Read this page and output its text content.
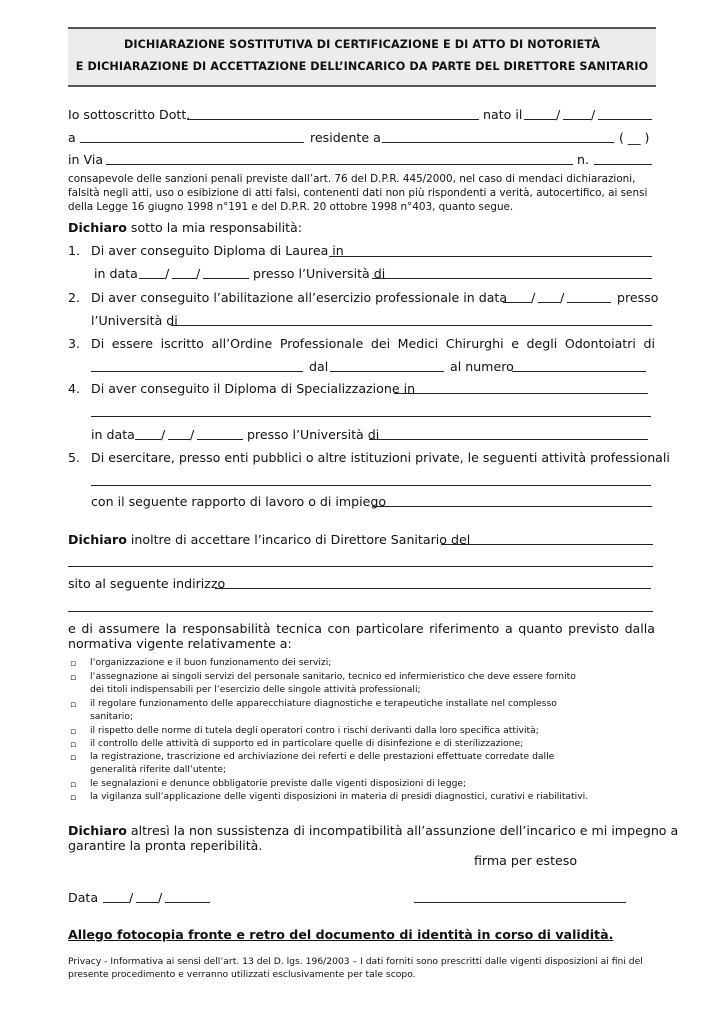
DICHIARAZIONE SOSTITUTIVA DI CERTIFICAZIONE E DI ATTO DI NOTORIETÀ
E DICHIARAZIONE DI ACCETTAZIONE DELL’INCARICO DA PARTE DEL DIRETTORE SANITARIO
Io sottoscritto Dott.	nato il	/ /
a	residente a	( __ )
in Via	n.
consapevole delle sanzioni penali previste dall’art. 76 del D.P.R. 445/2000, nel caso di mendaci dichiarazioni,
falsità negli atti, uso o esibizione di atti falsi, contenenti dati non più rispondenti a verità, autocertifico, ai sensi
della Legge 16 giugno 1998 n°191 e del D.P.R. 20 ottobre 1998 n°403, quanto segue.
Dichiaro sotto la mia responsabilità:
1. Di aver conseguito Diploma di Laurea in
in data / /	presso l’Università di
2. Di aver conseguito l’abilitazione all’esercizio professionale in data / /	presso
l’Università di
3. Di essere iscritto all’Ordine Professionale dei Medici Chirurghi e degli Odontoiatri di
dal	al numero
4. Di aver conseguito il Diploma di Specializzazione in
in data / /	presso l’Università di
5. Di esercitare, presso enti pubblici o altre istituzioni private, le seguenti attività professionali
con il seguente rapporto di lavoro o di impiego
Dichiaro inoltre di accettare l’incarico di Direttore Sanitario del
sito al seguente indirizzo
e di assumere la responsabilità tecnica con particolare riferimento a quanto previsto dalla
normativa vigente relativamente a:
▫ l’organizzazione e il buon funzionamento dei servizi;
▫ l’assegnazione ai singoli servizi del personale sanitario, tecnico ed infermieristico che deve essere fornito
dei titoli indispensabili per l’esercizio delle singole attività professionali;
▫ il regolare funzionamento delle apparecchiature diagnostiche e terapeutiche installate nel complesso
sanitario;
▫ il rispetto delle norme di tutela degli operatori contro i rischi derivanti dalla loro specifica attività;
▫ il controllo delle attività di supporto ed in particolare quelle di disinfezione e di sterilizzazione;
▫ la registrazione, trascrizione ed archiviazione dei referti e delle prestazioni effettuate corredate dalle
generalità riferite dall’utente;
▫ le segnalazioni e denunce obbligatorie previste dalle vigenti disposizioni di legge;
▫ la vigilanza sull’applicazione delle vigenti disposizioni in materia di presidi diagnostici, curativi e riabilitativi.
Dichiaro altresì la non sussistenza di incompatibilità all’assunzione dell’incarico e mi impegno a
garantire la pronta reperibilità.
firma per esteso
Data / /
Allego fotocopia fronte e retro del documento di identità in corso di validità.
Privacy - Informativa ai sensi dell’art. 13 del D. lgs. 196/2003 – I dati forniti sono prescritti dalle vigenti disposizioni ai fini del
presente procedimento e verranno utilizzati esclusivamente per tale scopo.
